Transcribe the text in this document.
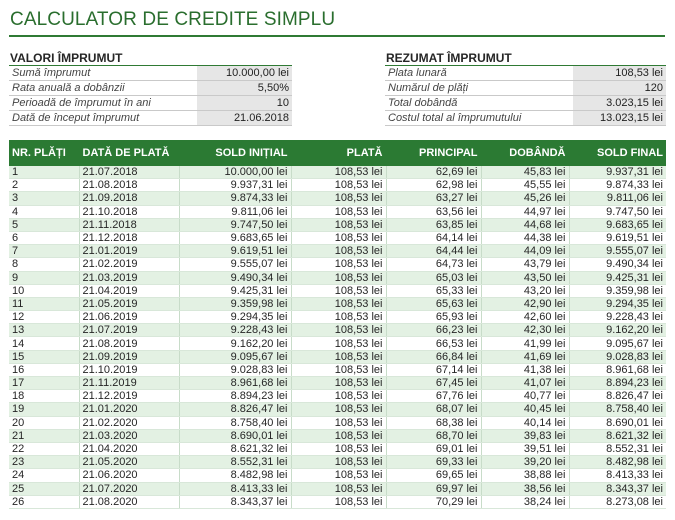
CALCULATOR DE CREDITE SIMPLU
VALORI ÎMPRUMUT
Sumă împrumut	10.000,00 lei
Rata anuală a dobânzii	5,50%
Perioadă de împrumut în ani	10
Dată de început împrumut	21.06.2018
REZUMAT ÎMPRUMUT
Plata lunară	108,53 lei
Numărul de plăți	120
Total dobândă	3.023,15 lei
Costul total al împrumutului	13.023,15 lei
NR. PLĂȚI	DATĂ DE PLATĂ	SOLD INIȚIAL	PLATĂ	PRINCIPAL	DOBÂNDĂ	SOLD FINAL
1	21.07.2018	10.000,00 lei	108,53 lei	62,69 lei	45,83 lei	9.937,31 lei
2	21.08.2018	9.937,31 lei	108,53 lei	62,98 lei	45,55 lei	9.874,33 lei
3	21.09.2018	9.874,33 lei	108,53 lei	63,27 lei	45,26 lei	9.811,06 lei
4	21.10.2018	9.811,06 lei	108,53 lei	63,56 lei	44,97 lei	9.747,50 lei
5	21.11.2018	9.747,50 lei	108,53 lei	63,85 lei	44,68 lei	9.683,65 lei
6	21.12.2018	9.683,65 lei	108,53 lei	64,14 lei	44,38 lei	9.619,51 lei
7	21.01.2019	9.619,51 lei	108,53 lei	64,44 lei	44,09 lei	9.555,07 lei
8	21.02.2019	9.555,07 lei	108,53 lei	64,73 lei	43,79 lei	9.490,34 lei
9	21.03.2019	9.490,34 lei	108,53 lei	65,03 lei	43,50 lei	9.425,31 lei
10	21.04.2019	9.425,31 lei	108,53 lei	65,33 lei	43,20 lei	9.359,98 lei
11	21.05.2019	9.359,98 lei	108,53 lei	65,63 lei	42,90 lei	9.294,35 lei
12	21.06.2019	9.294,35 lei	108,53 lei	65,93 lei	42,60 lei	9.228,43 lei
13	21.07.2019	9.228,43 lei	108,53 lei	66,23 lei	42,30 lei	9.162,20 lei
14	21.08.2019	9.162,20 lei	108,53 lei	66,53 lei	41,99 lei	9.095,67 lei
15	21.09.2019	9.095,67 lei	108,53 lei	66,84 lei	41,69 lei	9.028,83 lei
16	21.10.2019	9.028,83 lei	108,53 lei	67,14 lei	41,38 lei	8.961,68 lei
17	21.11.2019	8.961,68 lei	108,53 lei	67,45 lei	41,07 lei	8.894,23 lei
18	21.12.2019	8.894,23 lei	108,53 lei	67,76 lei	40,77 lei	8.826,47 lei
19	21.01.2020	8.826,47 lei	108,53 lei	68,07 lei	40,45 lei	8.758,40 lei
20	21.02.2020	8.758,40 lei	108,53 lei	68,38 lei	40,14 lei	8.690,01 lei
21	21.03.2020	8.690,01 lei	108,53 lei	68,70 lei	39,83 lei	8.621,32 lei
22	21.04.2020	8.621,32 lei	108,53 lei	69,01 lei	39,51 lei	8.552,31 lei
23	21.05.2020	8.552,31 lei	108,53 lei	69,33 lei	39,20 lei	8.482,98 lei
24	21.06.2020	8.482,98 lei	108,53 lei	69,65 lei	38,88 lei	8.413,33 lei
25	21.07.2020	8.413,33 lei	108,53 lei	69,97 lei	38,56 lei	8.343,37 lei
26	21.08.2020	8.343,37 lei	108,53 lei	70,29 lei	38,24 lei	8.273,08 lei
